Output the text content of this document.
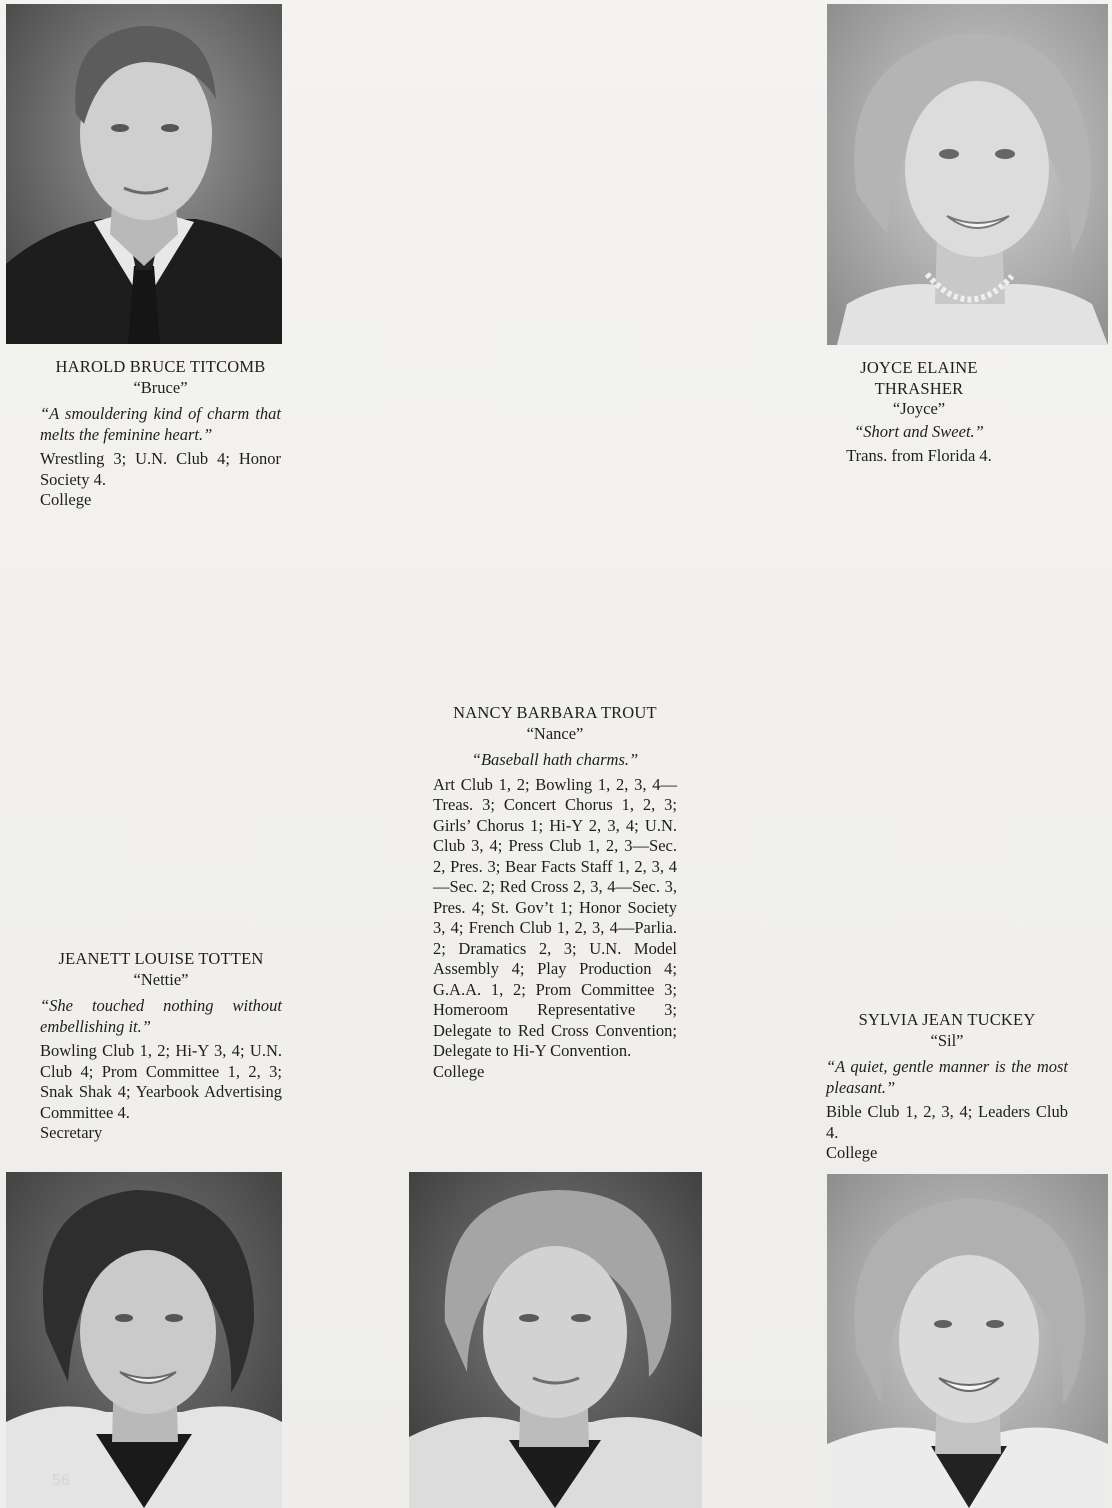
HAROLD BRUCE TITCOMB
“Bruce”
“A smouldering kind of charm that melts the feminine heart.”
Wrestling 3; U.N. Club 4; Honor Society 4.
College
JOYCE ELAINE
THRASHER
“Joyce”
“Short and Sweet.”
Trans. from Florida 4.
NANCY BARBARA TROUT
“Nance”
“Baseball hath charms.”
Art Club 1, 2; Bowling 1, 2, 3, 4—Treas. 3; Concert Chorus 1, 2, 3; Girls’ Chorus 1; Hi-Y 2, 3, 4; U.N. Club 3, 4; Press Club 1, 2, 3—Sec. 2, Pres. 3; Bear Facts Staff 1, 2, 3, 4—Sec. 2; Red Cross 2, 3, 4—Sec. 3, Pres. 4; St. Gov’t 1; Honor Society 3, 4; French Club 1, 2, 3, 4—Parlia. 2; Dramatics 2, 3; U.N. Model Assembly 4; Play Production 4; G.A.A. 1, 2; Prom Committee 3; Homeroom Representative 3; Delegate to Red Cross Convention; Delegate to Hi-Y Convention.
College
JEANETT LOUISE TOTTEN
“Nettie”
“She touched nothing without embellishing it.”
Bowling Club 1, 2; Hi-Y 3, 4; U.N. Club 4; Prom Committee 1, 2, 3; Snak Shak 4; Yearbook Advertising Committee 4.
Secretary
SYLVIA JEAN TUCKEY
“Sil”
“A quiet, gentle manner is the most pleasant.”
Bible Club 1, 2, 3, 4; Leaders Club 4.
College
56
